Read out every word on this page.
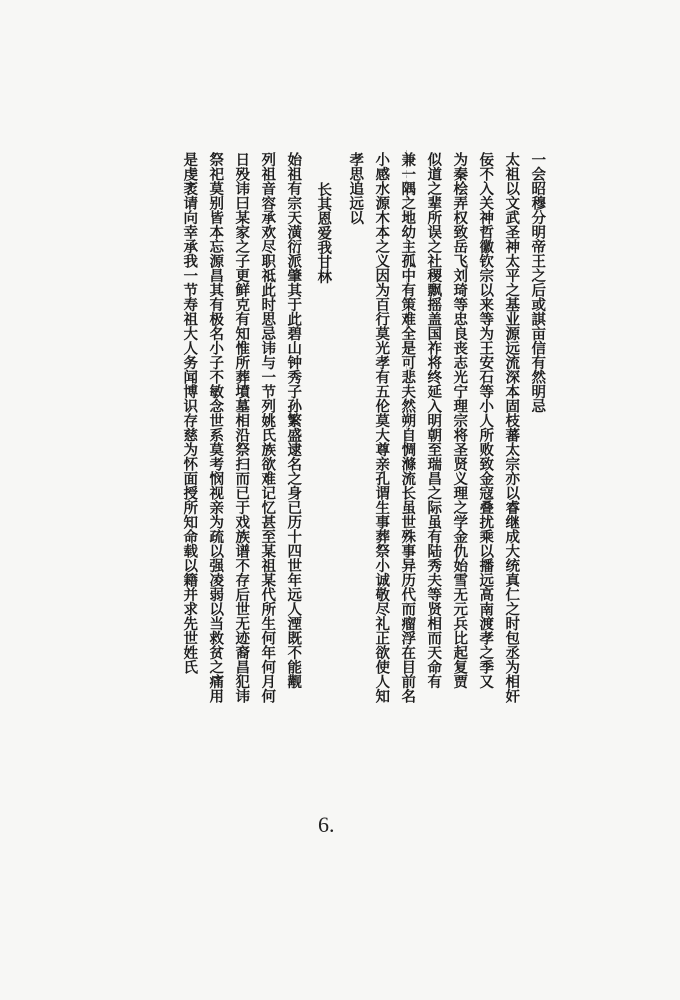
一会昭穆分明帝王之后或諆亩信有然明忌
太祖以文武圣神太平之基业源远流深本固枝蕃太宗亦以睿继成大统真仁之时包丞为相奸
佞不入关神哲徽钦宗以来等为王安石等小人所败致金寇叠扰乘以播远高南渡孝之季又
为秦桧弄权致岳飞刘琦等忠良丧志光宁理宗将圣贤义理之学金仇始雪无元兵比起复贾
似道之辈所误之社稷飘摇盖国祚将终延入明朝至瑞昌之际虽有陆秀夫等贤相而天命有
兼一隅之地幼主孤中有策难全是可悲夫然朔自惆滌流长虽世殊事异历代而瘤浮在目前名
小感水源木本之义因为百行莫光孝有五伦莫大尊亲孔谓生事葬祭小诚敬尽礼正欲使人知
孝思追远以
长其恩爱我甘林
始祖有宗天潢衍派肇其于此碧山钟秀子孙繁盛逮名之身已历十四世年远人湮既不能觏
列祖音容承欢尽职祗此时思忌讳与一节列姚氏族欲难记忆甚至某祖某代所生何年何月何
日殁讳曰某家之子更鲜克有知惟所葬墳墓相沿祭扫而已于戏族谱不存后世无迹裔昌犯讳
祭祀莫别皆本忘源昌其有极名小子不敏念世系莫考悯视亲为疏以强凌弱以当救贫之痛用
是虔袤请向幸承我一节寿祖大人务闻博识存慈为怀面授所知命载以籍并求先世姓氏
6.
